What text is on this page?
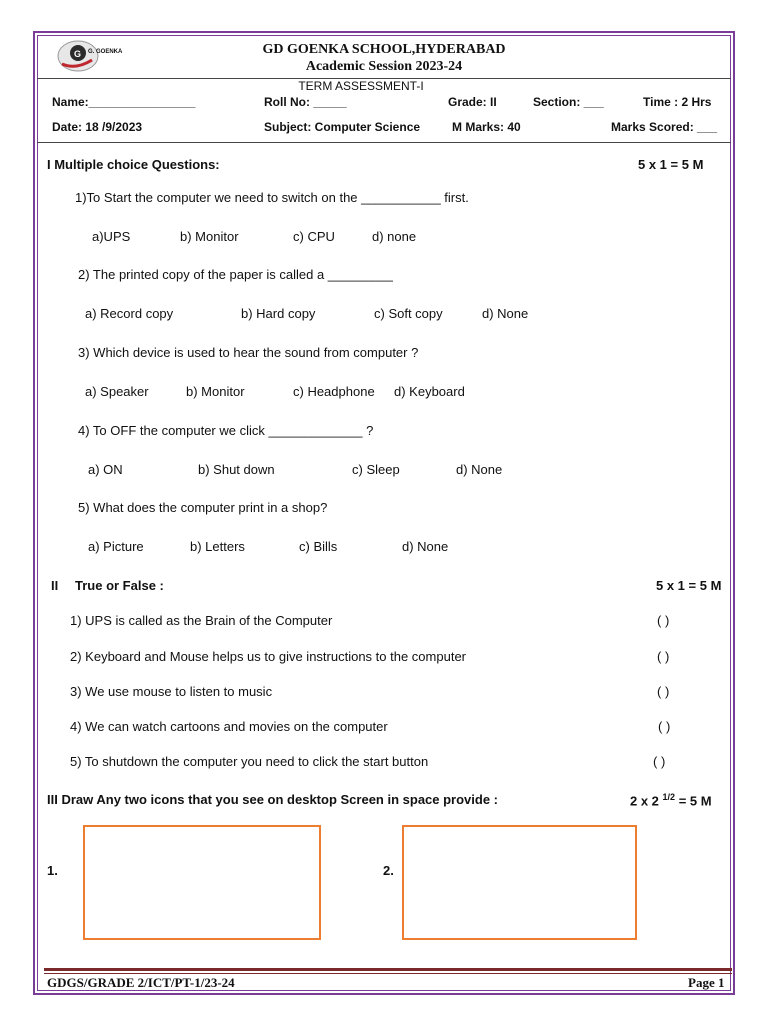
G G. GOENKA	GD GOENKA SCHOOL,HYDERABAD
Academic Session 2023-24
TERM ASSESSMENT-I
Name:________________	Roll No: _____	Grade: II	Section: ___	Time : 2 Hrs
Date: 18 /9/2023	Subject: Computer Science	M Marks: 40	Marks Scored: ___
I Multiple choice Questions:	5 x 1 = 5 M
1)To Start the computer we need to switch on the ___________ first.
a)UPS	b) Monitor	c) CPU	d) none
2) The printed copy of the paper is called a _________
a) Record copy	b) Hard copy	c) Soft copy	d) None
3) Which device is used to hear the sound from computer ?
a) Speaker	b) Monitor	c) Headphone d) Keyboard
4) To OFF the computer we click _____________ ?
a) ON	b) Shut down	c) Sleep	d) None
5) What does the computer print in a shop?
a) Picture	b) Letters	c) Bills	d) None
II True or False :	5 x 1 = 5 M
1) UPS is called as the Brain of the Computer	( )
2) Keyboard and Mouse helps us to give instructions to the computer	( )
3) We use mouse to listen to music	( )
4) We can watch cartoons and movies on the computer	( )
5) To shutdown the computer you need to click the start button	( )
III Draw Any two icons that you see on desktop Screen in space provide :	2 x 2 $^{1/2}$ = 5 M
1.	2.
GDGS/GRADE 2/ICT/PT-1/23-24	Page 1
